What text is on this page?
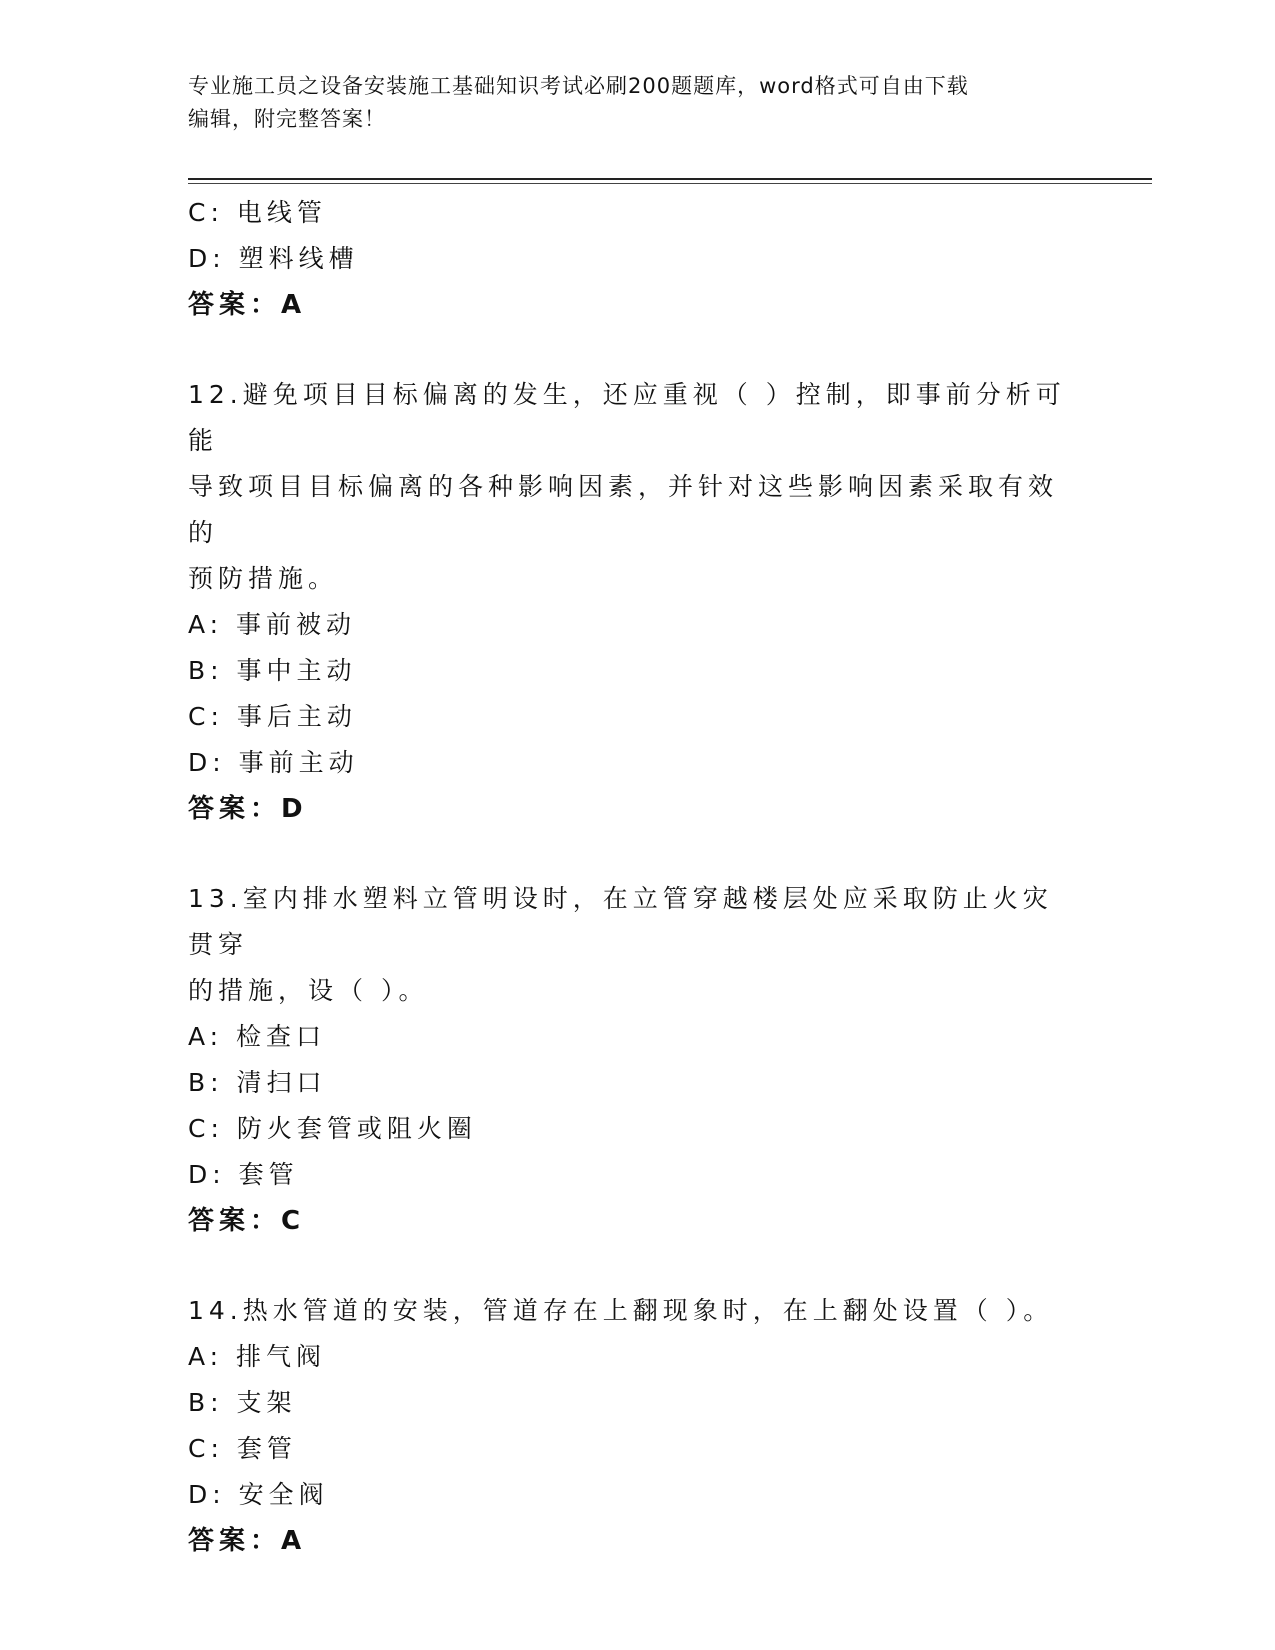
专业施工员之设备安装施工基础知识考试必刷200题题库，word格式可自由下载
编辑，附完整答案！
C: 电线管
D: 塑料线槽
答案：A
12.避免项目目标偏离的发生，还应重视（ ）控制，即事前分析可能
导致项目目标偏离的各种影响因素，并针对这些影响因素采取有效的
预防措施。
A: 事前被动
B: 事中主动
C: 事后主动
D: 事前主动
答案：D
13.室内排水塑料立管明设时，在立管穿越楼层处应采取防止火灾贯穿
的措施，设（ ）。
A: 检查口
B: 清扫口
C: 防火套管或阻火圈
D: 套管
答案：C
14.热水管道的安装，管道存在上翻现象时，在上翻处设置（ ）。
A: 排气阀
B: 支架
C: 套管
D: 安全阀
答案：A
